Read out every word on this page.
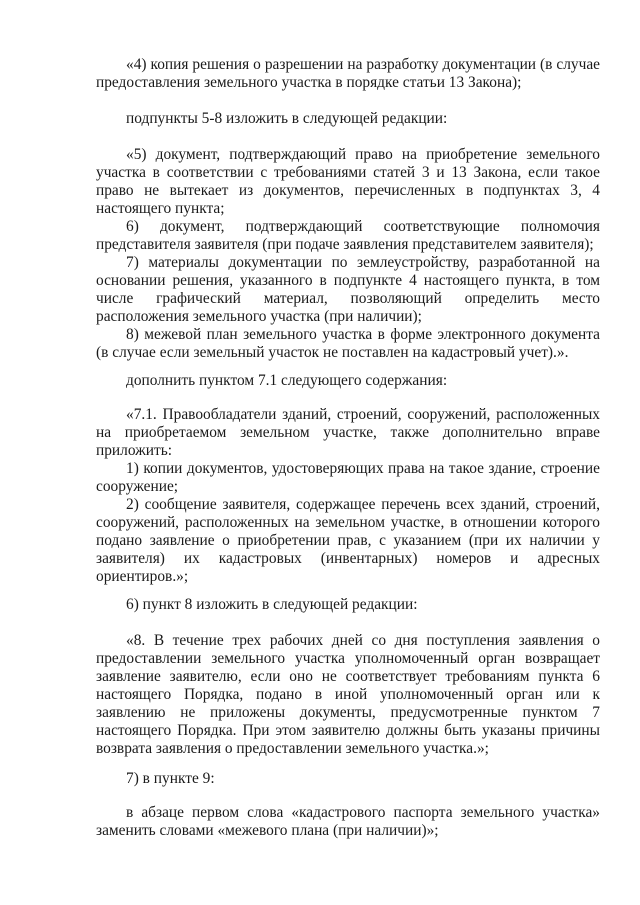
«4) копия решения о разрешении на разработку документации (в случае предоставления земельного участка в порядке статьи 13 Закона);

подпункты 5-8 изложить в следующей редакции:

«5) документ, подтверждающий право на приобретение земельного участка в соответствии с требованиями статей 3 и 13 Закона, если такое право не вытекает из документов, перечисленных в подпунктах 3, 4 настоящего пункта;

6) документ, подтверждающий соответствующие полномочия представителя заявителя (при подаче заявления представителем заявителя);

7) материалы документации по землеустройству, разработанной на основании решения, указанного в подпункте 4 настоящего пункта, в том числе графический материал, позволяющий определить место расположения земельного участка (при наличии);

8) межевой план земельного участка в форме электронного документа (в случае если земельный участок не поставлен на кадастровый учет).».

дополнить пунктом 7.1 следующего содержания:

«7.1. Правообладатели зданий, строений, сооружений, расположенных на приобретаемом земельном участке, также дополнительно вправе приложить:

1) копии документов, удостоверяющих права на такое здание, строение сооружение;

2) сообщение заявителя, содержащее перечень всех зданий, строений, сооружений, расположенных на земельном участке, в отношении которого подано заявление о приобретении прав, с указанием (при их наличии у заявителя) их кадастровых (инвентарных) номеров и адресных ориентиров.»;

6) пункт 8 изложить в следующей редакции:

«8. В течение трех рабочих дней со дня поступления заявления о предоставлении земельного участка уполномоченный орган возвращает заявление заявителю, если оно не соответствует требованиям пункта 6 настоящего Порядка, подано в иной уполномоченный орган или к заявлению не приложены документы, предусмотренные пунктом 7 настоящего Порядка. При этом заявителю должны быть указаны причины возврата заявления о предоставлении земельного участка.»;

7) в пункте 9:

в абзаце первом слова «кадастрового паспорта земельного участка» заменить словами «межевого плана (при наличии)»;
